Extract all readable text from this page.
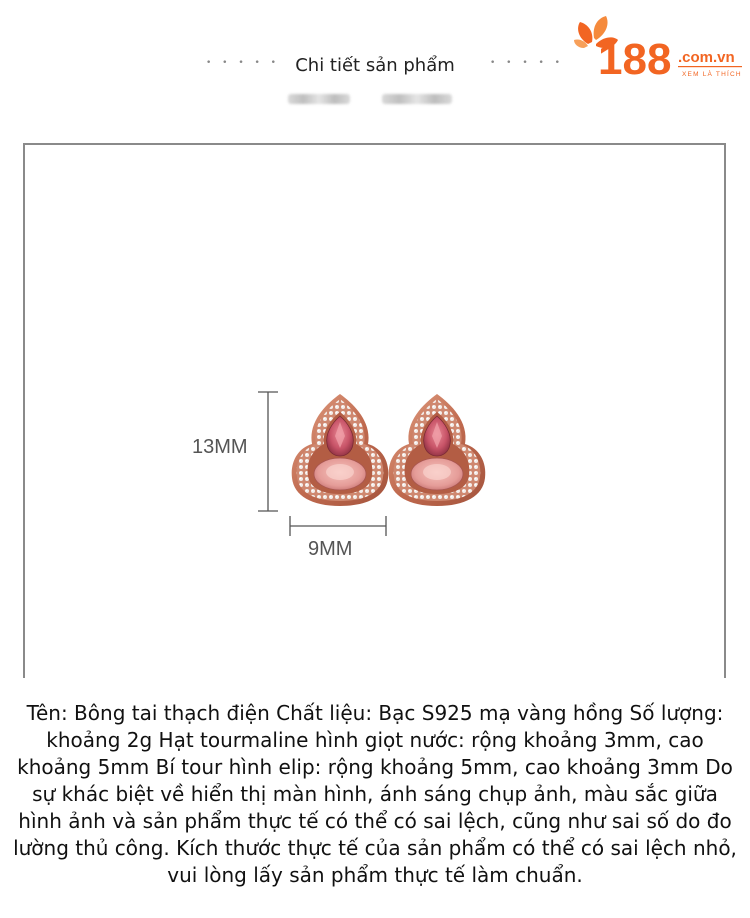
• • • • • Chi tiết sản phẩm	• • • • • 188 .com.vn
XEM LÀ THÍCH
13MM
9MM
Tên: Bông tai thạch điện Chất liệu: Bạc S925 mạ vàng hồng Số lượng: khoảng 2g Hạt tourmaline hình giọt nước: rộng khoảng 3mm, cao khoảng 5mm Bí tour hình elip: rộng khoảng 5mm, cao khoảng 3mm Do sự khác biệt về hiển thị màn hình, ánh sáng chụp ảnh, màu sắc giữa hình ảnh và sản phẩm thực tế có thể có sai lệch, cũng như sai số do đo lường thủ công. Kích thước thực tế của sản phẩm có thể có sai lệch nhỏ, vui lòng lấy sản phẩm thực tế làm chuẩn.
